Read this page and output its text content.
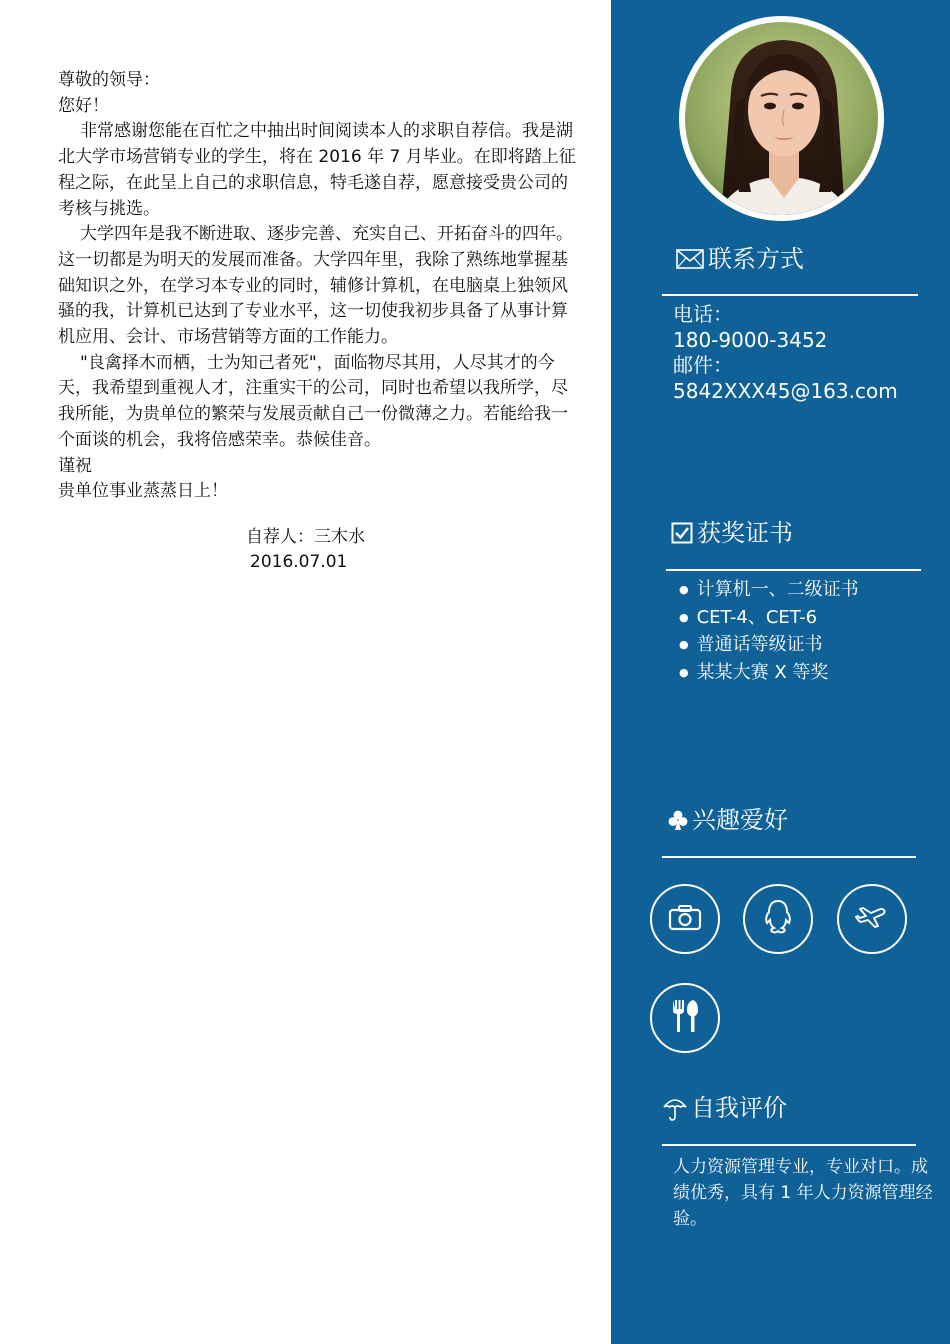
尊敬的领导：

您好！

非常感谢您能在百忙之中抽出时间阅读本人的求职自荐信。我是湖北大学市场营销专业的学生，将在 2016 年 7 月毕业。在即将踏上征程之际，在此呈上自己的求职信息，特毛遂自荐，愿意接受贵公司的考核与挑选。

大学四年是我不断进取、逐步完善、充实自己、开拓奋斗的四年。这一切都是为明天的发展而准备。大学四年里，我除了熟练地掌握基础知识之外，在学习本专业的同时，辅修计算机，在电脑桌上独领风骚的我，计算机已达到了专业水平，这一切使我初步具备了从事计算机应用、会计、市场营销等方面的工作能力。

"良禽择木而栖，士为知己者死"，面临物尽其用，人尽其才的今天，我希望到重视人才，注重实干的公司，同时也希望以我所学，尽我所能，为贵单位的繁荣与发展贡献自己一份微薄之力。若能给我一个面谈的机会，我将倍感荣幸。恭候佳音。

谨祝

贵单位事业蒸蒸日上！

自荐人：三木水
2016.07.01
联系方式
电话：
180-9000-3452
邮件：
5842XXX45@163.com
获奖证书
● 计算机一、二级证书
● CET-4、CET-6
● 普通话等级证书
● 某某大赛 X 等奖
兴趣爱好
自我评价
人力资源管理专业，专业对口。成绩优秀，具有 1 年人力资源管理经验。
